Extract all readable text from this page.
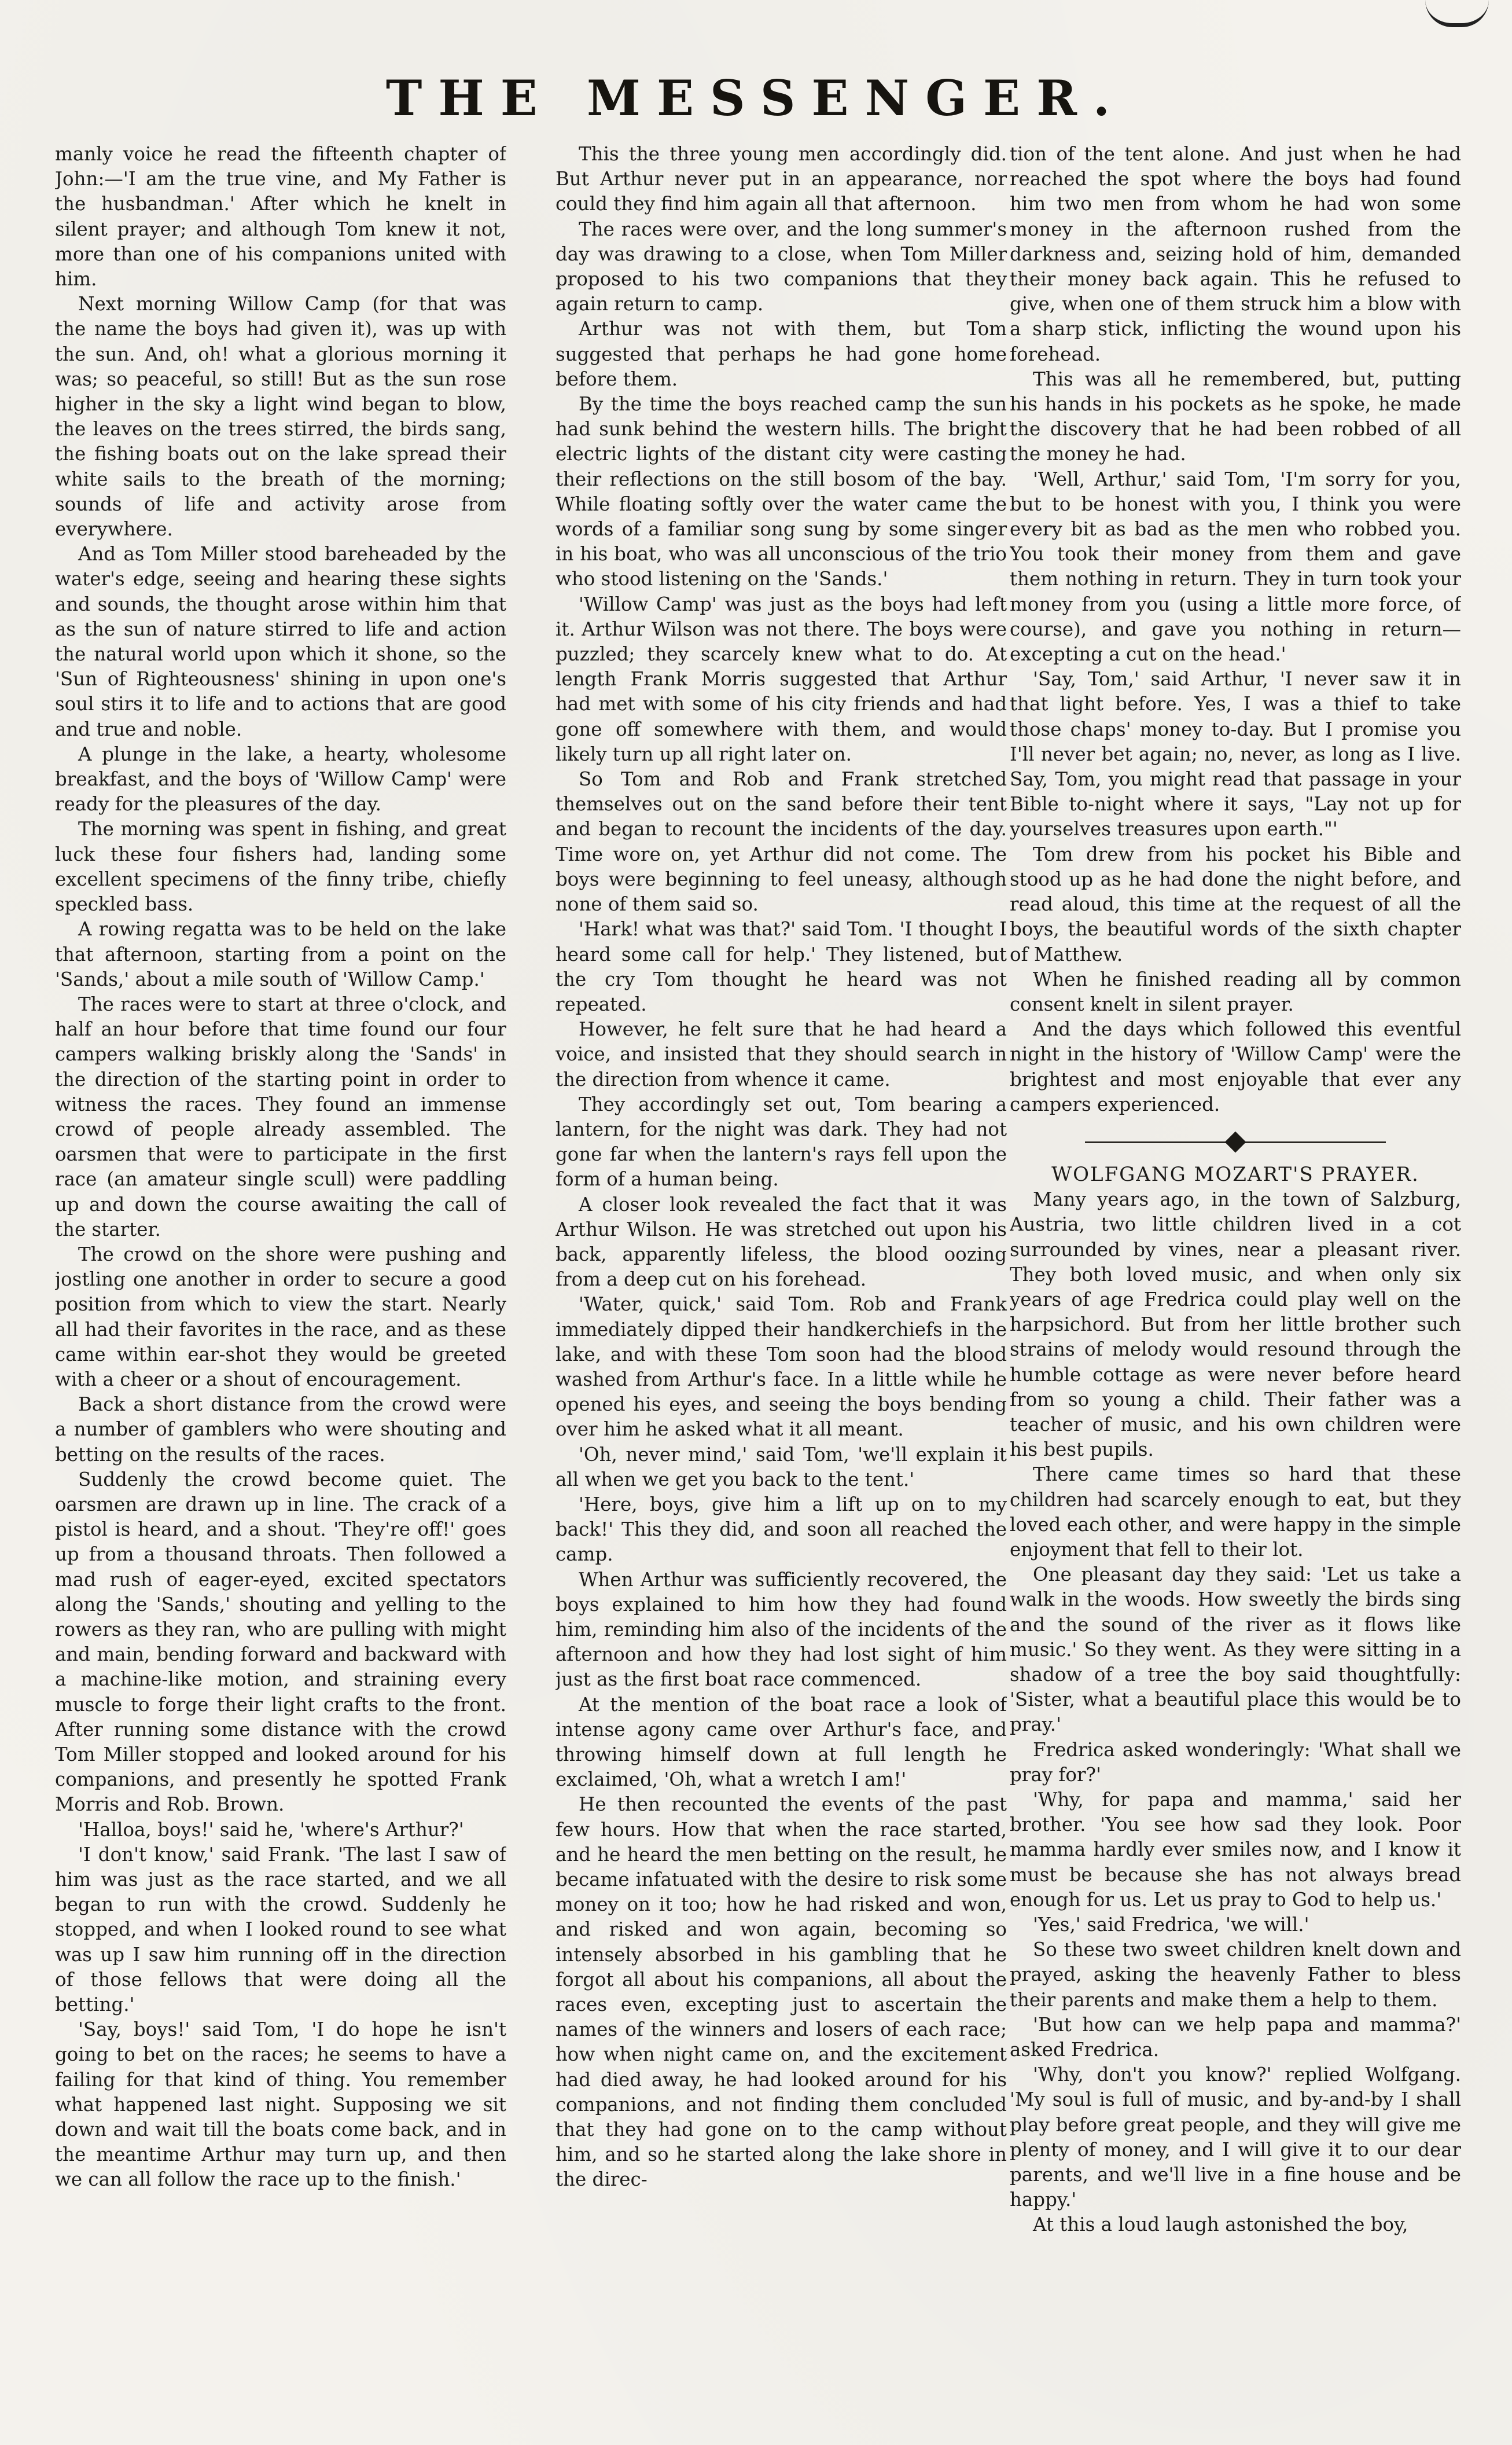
THE MESSENGER.

manly voice he read the fifteenth chapter of John:—'I am the true vine, and My Father is the husbandman.' After which he knelt in silent prayer; and although Tom knew it not, more than one of his companions united with him.

Next morning Willow Camp (for that was the name the boys had given it), was up with the sun. And, oh! what a glorious morning it was; so peaceful, so still! But as the sun rose higher in the sky a light wind began to blow, the leaves on the trees stirred, the birds sang, the fishing boats out on the lake spread their white sails to the breath of the morning; sounds of life and activity arose from everywhere.

And as Tom Miller stood bareheaded by the water's edge, seeing and hearing these sights and sounds, the thought arose within him that as the sun of nature stirred to life and action the natural world upon which it shone, so the 'Sun of Righteousness' shining in upon one's soul stirs it to life and to actions that are good and true and noble.

A plunge in the lake, a hearty, wholesome breakfast, and the boys of 'Willow Camp' were ready for the pleasures of the day.

The morning was spent in fishing, and great luck these four fishers had, landing some excellent specimens of the finny tribe, chiefly speckled bass.

A rowing regatta was to be held on the lake that afternoon, starting from a point on the 'Sands,' about a mile south of 'Willow Camp.'

The races were to start at three o'clock, and half an hour before that time found our four campers walking briskly along the 'Sands' in the direction of the starting point in order to witness the races. They found an immense crowd of people already assembled. The oarsmen that were to participate in the first race (an amateur single scull) were paddling up and down the course awaiting the call of the starter.

The crowd on the shore were pushing and jostling one another in order to secure a good position from which to view the start. Nearly all had their favorites in the race, and as these came within ear-shot they would be greeted with a cheer or a shout of encouragement.

Back a short distance from the crowd were a number of gamblers who were shouting and betting on the results of the races.

Suddenly the crowd become quiet. The oarsmen are drawn up in line. The crack of a pistol is heard, and a shout. 'They're off!' goes up from a thousand throats. Then followed a mad rush of eager-eyed, excited spectators along the 'Sands,' shouting and yelling to the rowers as they ran, who are pulling with might and main, bending forward and backward with a machine-like motion, and straining every muscle to forge their light crafts to the front. After running some distance with the crowd Tom Miller stopped and looked around for his companions, and presently he spotted Frank Morris and Rob. Brown.

'Halloa, boys!' said he, 'where's Arthur?'

'I don't know,' said Frank. 'The last I saw of him was just as the race started, and we all began to run with the crowd. Suddenly he stopped, and when I looked round to see what was up I saw him running off in the direction of those fellows that were doing all the betting.'

'Say, boys!' said Tom, 'I do hope he isn't going to bet on the races; he seems to have a failing for that kind of thing. You remember what happened last night. Supposing we sit down and wait till the boats come back, and in the meantime Arthur may turn up, and then we can all follow the race up to the finish.'

This the three young men accordingly did. But Arthur never put in an appearance, nor could they find him again all that afternoon.

The races were over, and the long summer's day was drawing to a close, when Tom Miller proposed to his two companions that they again return to camp.

Arthur was not with them, but Tom suggested that perhaps he had gone home before them.

By the time the boys reached camp the sun had sunk behind the western hills. The bright electric lights of the distant city were casting their reflections on the still bosom of the bay. While floating softly over the water came the words of a familiar song sung by some singer in his boat, who was all unconscious of the trio who stood listening on the 'Sands.'

'Willow Camp' was just as the boys had left it. Arthur Wilson was not there. The boys were puzzled; they scarcely knew what to do. At length Frank Morris suggested that Arthur had met with some of his city friends and had gone off somewhere with them, and would likely turn up all right later on.

So Tom and Rob and Frank stretched themselves out on the sand before their tent and began to recount the incidents of the day. Time wore on, yet Arthur did not come. The boys were beginning to feel uneasy, although none of them said so.

'Hark! what was that?' said Tom. 'I thought I heard some call for help.' They listened, but the cry Tom thought he heard was not repeated.

However, he felt sure that he had heard a voice, and insisted that they should search in the direction from whence it came.

They accordingly set out, Tom bearing a lantern, for the night was dark. They had not gone far when the lantern's rays fell upon the form of a human being.

A closer look revealed the fact that it was Arthur Wilson. He was stretched out upon his back, apparently lifeless, the blood oozing from a deep cut on his forehead.

'Water, quick,' said Tom. Rob and Frank immediately dipped their handkerchiefs in the lake, and with these Tom soon had the blood washed from Arthur's face. In a little while he opened his eyes, and seeing the boys bending over him he asked what it all meant.

'Oh, never mind,' said Tom, 'we'll explain it all when we get you back to the tent.'

'Here, boys, give him a lift up on to my back!' This they did, and soon all reached the camp.

When Arthur was sufficiently recovered, the boys explained to him how they had found him, reminding him also of the incidents of the afternoon and how they had lost sight of him just as the first boat race commenced.

At the mention of the boat race a look of intense agony came over Arthur's face, and throwing himself down at full length he exclaimed, 'Oh, what a wretch I am!'

He then recounted the events of the past few hours. How that when the race started, and he heard the men betting on the result, he became infatuated with the desire to risk some money on it too; how he had risked and won, and risked and won again, becoming so intensely absorbed in his gambling that he forgot all about his companions, all about the races even, excepting just to ascertain the names of the winners and losers of each race; how when night came on, and the excitement had died away, he had looked around for his companions, and not finding them concluded that they had gone on to the camp without him, and so he started along the lake shore in the direc-

tion of the tent alone. And just when he had reached the spot where the boys had found him two men from whom he had won some money in the afternoon rushed from the darkness and, seizing hold of him, demanded their money back again. This he refused to give, when one of them struck him a blow with a sharp stick, inflicting the wound upon his forehead.

This was all he remembered, but, putting his hands in his pockets as he spoke, he made the discovery that he had been robbed of all the money he had.

'Well, Arthur,' said Tom, 'I'm sorry for you, but to be honest with you, I think you were every bit as bad as the men who robbed you. You took their money from them and gave them nothing in return. They in turn took your money from you (using a little more force, of course), and gave you nothing in return—excepting a cut on the head.'

'Say, Tom,' said Arthur, 'I never saw it in that light before. Yes, I was a thief to take those chaps' money to-day. But I promise you I'll never bet again; no, never, as long as I live. Say, Tom, you might read that passage in your Bible to-night where it says, "Lay not up for yourselves treasures upon earth."'

Tom drew from his pocket his Bible and stood up as he had done the night before, and read aloud, this time at the request of all the boys, the beautiful words of the sixth chapter of Matthew.

When he finished reading all by common consent knelt in silent prayer.

And the days which followed this eventful night in the history of 'Willow Camp' were the brightest and most enjoyable that ever any campers experienced.

WOLFGANG MOZART'S PRAYER.

Many years ago, in the town of Salzburg, Austria, two little children lived in a cot surrounded by vines, near a pleasant river. They both loved music, and when only six years of age Fredrica could play well on the harpsichord. But from her little brother such strains of melody would resound through the humble cottage as were never before heard from so young a child. Their father was a teacher of music, and his own children were his best pupils.

There came times so hard that these children had scarcely enough to eat, but they loved each other, and were happy in the simple enjoyment that fell to their lot.

One pleasant day they said: 'Let us take a walk in the woods. How sweetly the birds sing and the sound of the river as it flows like music.' So they went. As they were sitting in a shadow of a tree the boy said thoughtfully: 'Sister, what a beautiful place this would be to pray.'

Fredrica asked wonderingly: 'What shall we pray for?'

'Why, for papa and mamma,' said her brother. 'You see how sad they look. Poor mamma hardly ever smiles now, and I know it must be because she has not always bread enough for us. Let us pray to God to help us.'

'Yes,' said Fredrica, 'we will.'

So these two sweet children knelt down and prayed, asking the heavenly Father to bless their parents and make them a help to them.

'But how can we help papa and mamma?' asked Fredrica.

'Why, don't you know?' replied Wolfgang. 'My soul is full of music, and by-and-by I shall play before great people, and they will give me plenty of money, and I will give it to our dear parents, and we'll live in a fine house and be happy.'

At this a loud laugh astonished the boy,
